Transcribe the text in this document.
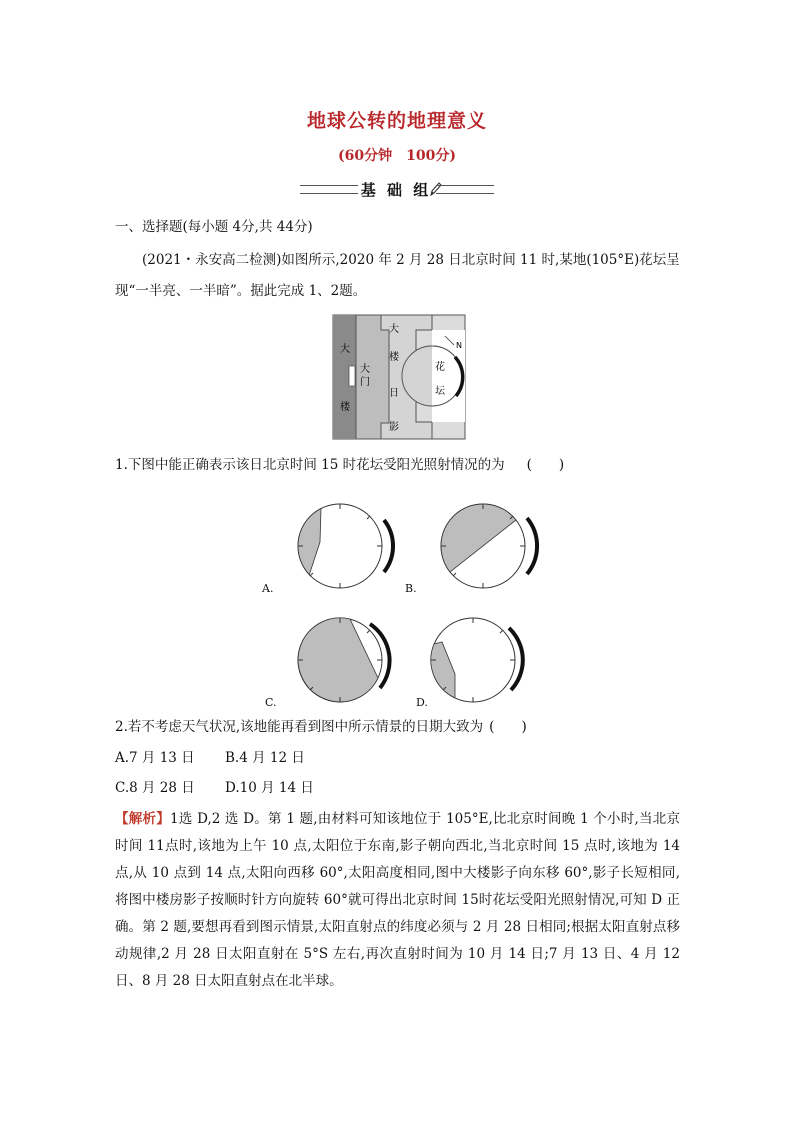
地球公转的地理意义
(60分钟　100分)
基 础 组
一、选择题(每小题 4分,共 44分)
(2021・永安高二检测)如图所示,2020 年 2 月 28 日北京时间 11 时,某地(105°E)花坛呈
现“一半亮、一半暗”。据此完成 1、2题。
大
楼
大
门
大
楼
日
影
花
坛
N
1.下图中能正确表示该日北京时间 15 时花坛受阳光照射情况的为 (　　)
A.	B.
C.	D.
2.若不考虑天气状况,该地能再看到图中所示情景的日期大致为 (　　)
A.7 月 13 日 B.4 月 12 日
C.8 月 28 日 D.10 月 14 日
【解析】1选 D,2 选 D。第 1 题,由材料可知该地位于 105°E,比北京时间晚 1 个小时,当北京时间 11点时,该地为上午 10 点,太阳位于东南,影子朝向西北,当北京时间 15 点时,该地为 14 点,从 10 点到 14 点,太阳向西移 60°,太阳高度相同,图中大楼影子向东移 60°,影子长短相同,将图中楼房影子按顺时针方向旋转 60°就可得出北京时间 15时花坛受阳光照射情况,可知 D 正确。第 2 题,要想再看到图示情景,太阳直射点的纬度必须与 2 月 28 日相同;根据太阳直射点移动规律,2 月 28 日太阳直射在 5°S 左右,再次直射时间为 10 月 14 日;7 月 13 日、4 月 12 日、8 月 28 日太阳直射点在北半球。
